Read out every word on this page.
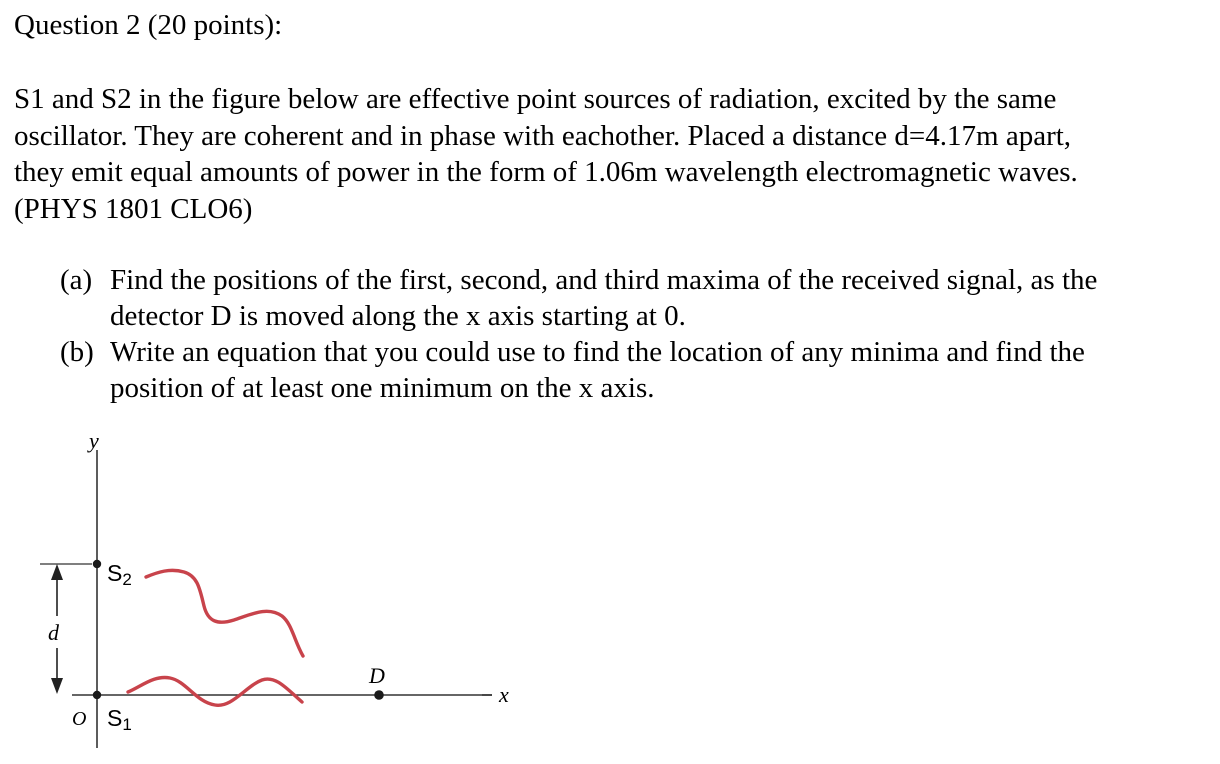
Question 2 (20 points):
S1 and S2 in the figure below are effective point sources of radiation, excited by the same
oscillator. They are coherent and in phase with eachother. Placed a distance d=4.17m apart,
they emit equal amounts of power in the form of 1.06m wavelength electromagnetic waves.
(PHYS 1801 CLO6)
(a) Find the positions of the first, second, and third maxima of the received signal, as the
detector D is moved along the x axis starting at 0.
(b) Write an equation that you could use to find the location of any minima and find the
position of at least one minimum on the x axis.
y
x
O
d
D
S2
S1
